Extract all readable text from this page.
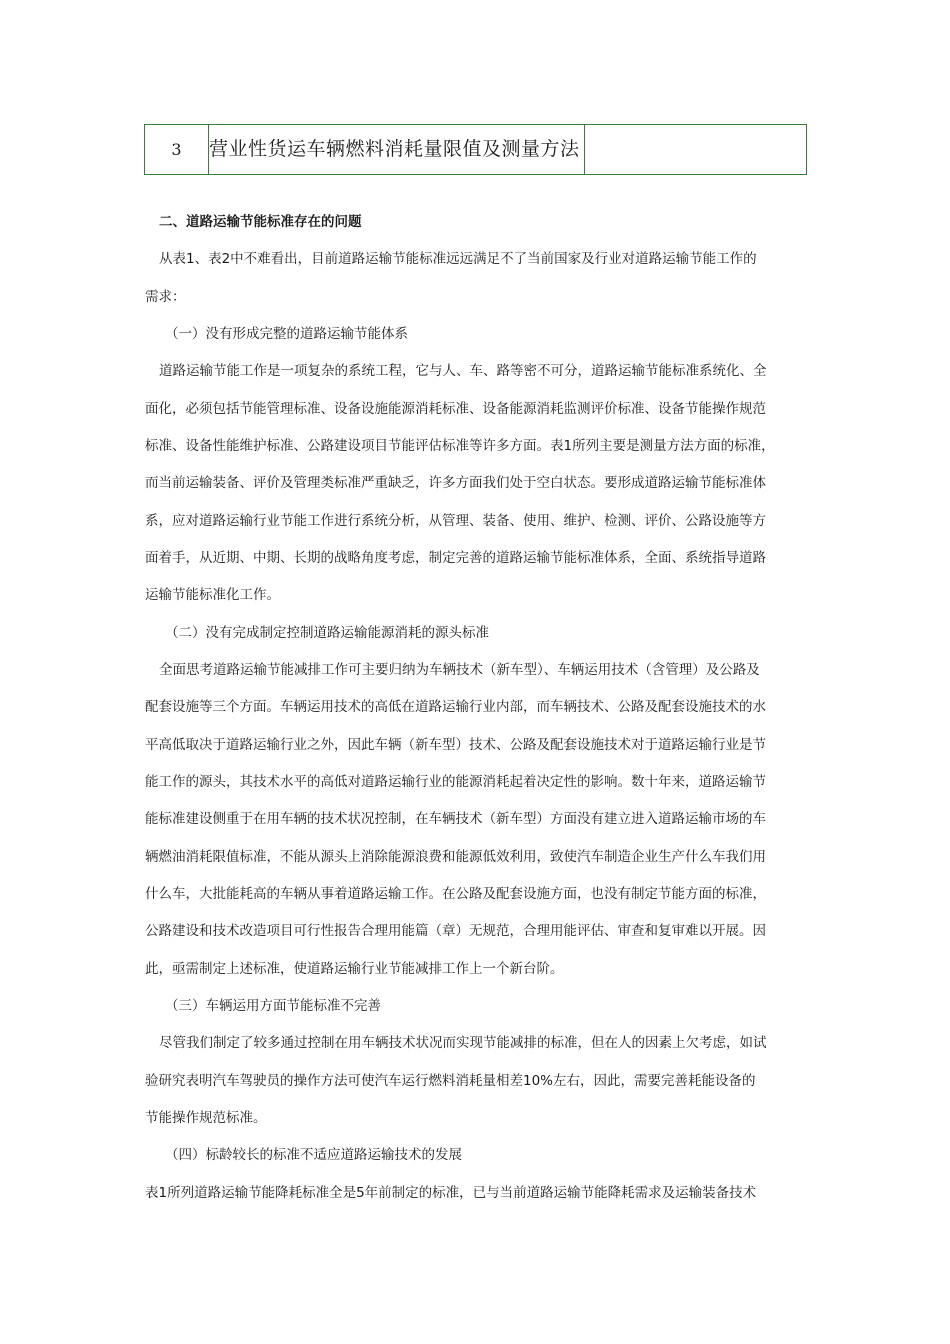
3	营业性货运车辆燃料消耗量限值及测量方法	
二、道路运输节能标准存在的问题
从表1、表2中不难看出，目前道路运输节能标准远远满足不了当前国家及行业对道路运输节能工作的
需求：
（一）没有形成完整的道路运输节能体系
道路运输节能工作是一项复杂的系统工程，它与人、车、路等密不可分，道路运输节能标准系统化、全
面化，必须包括节能管理标准、设备设施能源消耗标准、设备能源消耗监测评价标准、设备节能操作规范
标准、设备性能维护标准、公路建设项目节能评估标准等许多方面。表1所列主要是测量方法方面的标准，
而当前运输装备、评价及管理类标准严重缺乏，许多方面我们处于空白状态。要形成道路运输节能标准体
系，应对道路运输行业节能工作进行系统分析，从管理、装备、使用、维护、检测、评价、公路设施等方
面着手，从近期、中期、长期的战略角度考虑，制定完善的道路运输节能标准体系，全面、系统指导道路
运输节能标准化工作。
（二）没有完成制定控制道路运输能源消耗的源头标准
全面思考道路运输节能减排工作可主要归纳为车辆技术（新车型）、车辆运用技术（含管理）及公路及
配套设施等三个方面。车辆运用技术的高低在道路运输行业内部，而车辆技术、公路及配套设施技术的水
平高低取决于道路运输行业之外，因此车辆（新车型）技术、公路及配套设施技术对于道路运输行业是节
能工作的源头，其技术水平的高低对道路运输行业的能源消耗起着决定性的影响。数十年来，道路运输节
能标准建设侧重于在用车辆的技术状况控制，在车辆技术（新车型）方面没有建立进入道路运输市场的车
辆燃油消耗限值标准，不能从源头上消除能源浪费和能源低效利用，致使汽车制造企业生产什么车我们用
什么车，大批能耗高的车辆从事着道路运输工作。在公路及配套设施方面，也没有制定节能方面的标准，
公路建设和技术改造项目可行性报告合理用能篇（章）无规范，合理用能评估、审查和复审难以开展。因
此，亟需制定上述标准，使道路运输行业节能减排工作上一个新台阶。
（三）车辆运用方面节能标准不完善
尽管我们制定了较多通过控制在用车辆技术状况而实现节能减排的标准，但在人的因素上欠考虑，如试
验研究表明汽车驾驶员的操作方法可使汽车运行燃料消耗量相差10%左右，因此，需要完善耗能设备的
节能操作规范标准。
（四）标龄较长的标准不适应道路运输技术的发展
表1所列道路运输节能降耗标准全是5年前制定的标准，已与当前道路运输节能降耗需求及运输装备技术
